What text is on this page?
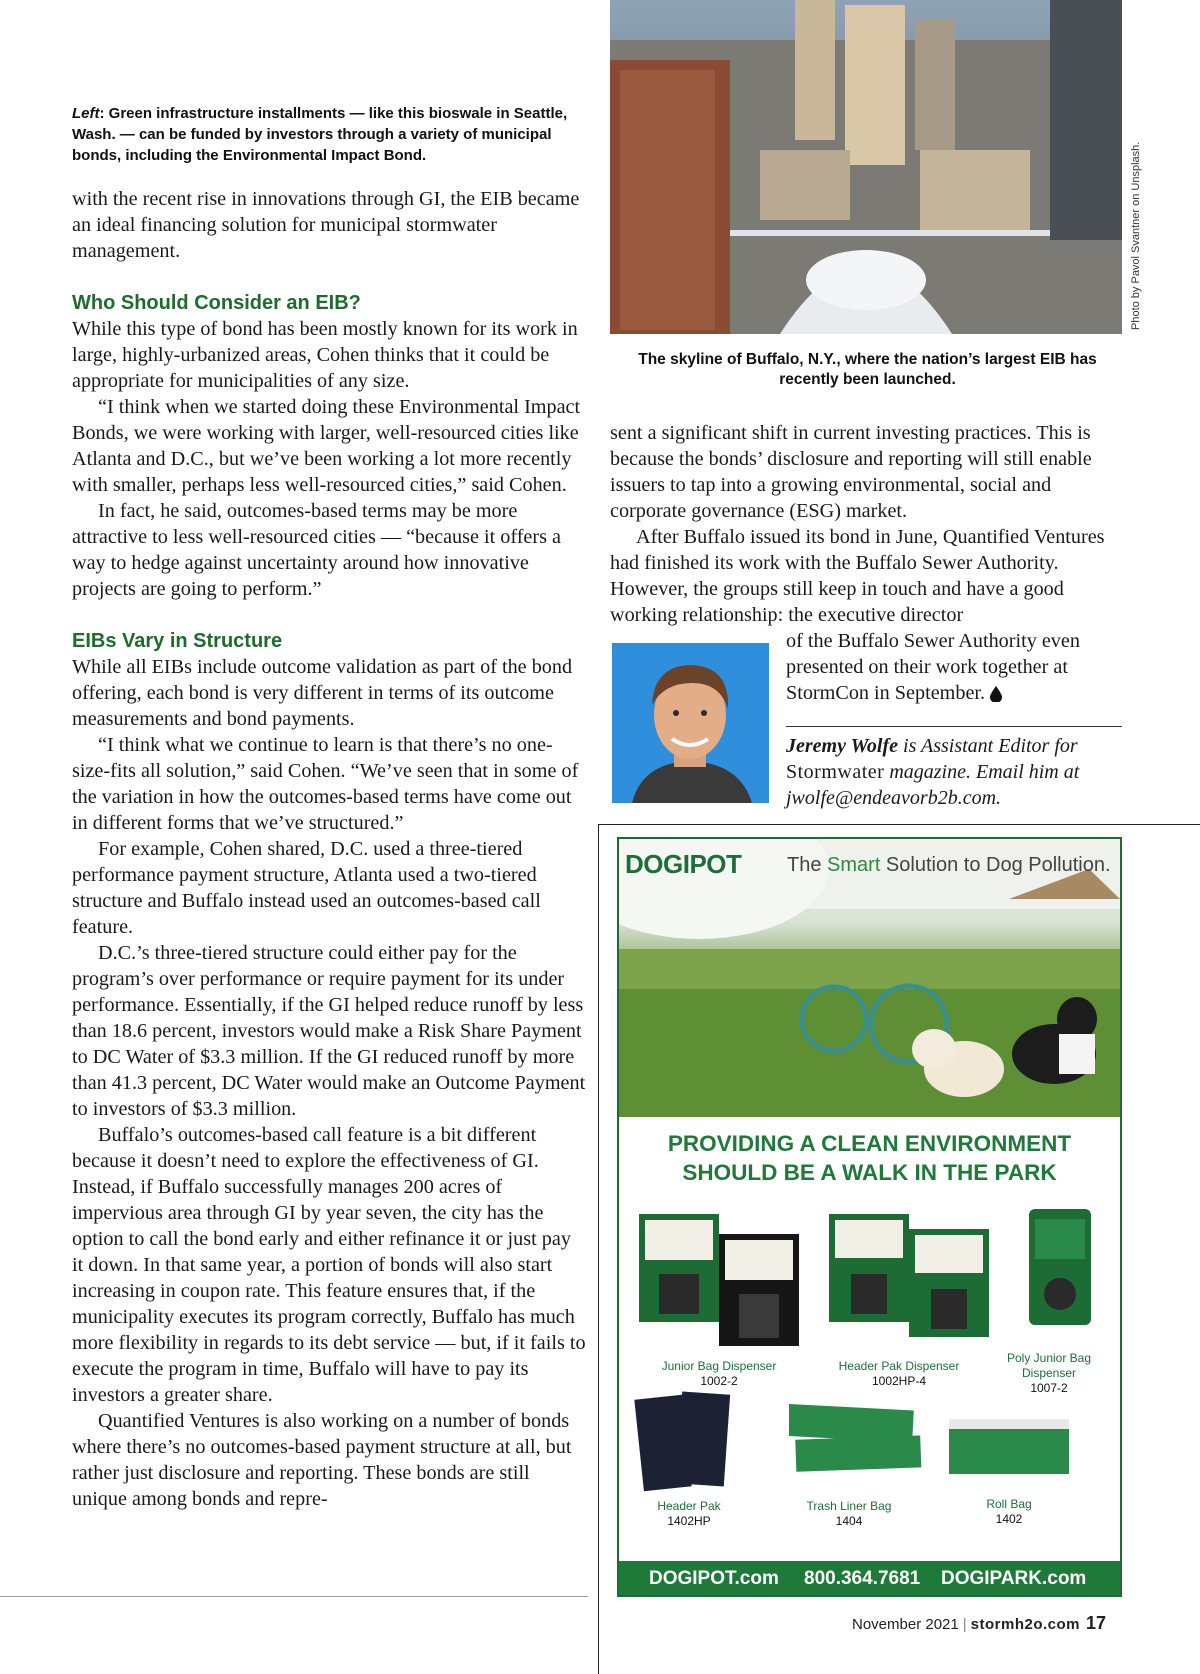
Left: Green infrastructure installments — like this bioswale in Seattle, Wash. — can be funded by investors through a variety of municipal bonds, including the Environmental Impact Bond.

with the recent rise in innovations through GI, the EIB became an ideal financing solution for municipal stormwater management.

Who Should Consider an EIB?

While this type of bond has been mostly known for its work in large, highly-urbanized areas, Cohen thinks that it could be appropriate for municipalities of any size.

“I think when we started doing these Environmental Impact Bonds, we were working with larger, well-resourced cities like Atlanta and D.C., but we’ve been working a lot more recently with smaller, perhaps less well-resourced cities,” said Cohen.

In fact, he said, outcomes-based terms may be more attractive to less well-resourced cities — “because it offers a way to hedge against uncertainty around how innovative projects are going to perform.”

EIBs Vary in Structure

While all EIBs include outcome validation as part of the bond offering, each bond is very different in terms of its outcome measurements and bond payments.

“I think what we continue to learn is that there’s no one-size-fits all solution,” said Cohen. “We’ve seen that in some of the variation in how the outcomes-based terms have come out in different forms that we’ve structured.”

For example, Cohen shared, D.C. used a three-tiered performance payment structure, Atlanta used a two-tiered structure and Buffalo instead used an outcomes-based call feature.

D.C.’s three-tiered structure could either pay for the program’s over performance or require payment for its under performance. Essentially, if the GI helped reduce runoff by less than 18.6 percent, investors would make a Risk Share Payment to DC Water of $3.3 million. If the GI reduced runoff by more than 41.3 percent, DC Water would make an Outcome Payment to investors of $3.3 million.

Buffalo’s outcomes-based call feature is a bit different because it doesn’t need to explore the effectiveness of GI. Instead, if Buffalo successfully manages 200 acres of impervious area through GI by year seven, the city has the option to call the bond early and either refinance it or just pay it down. In that same year, a portion of bonds will also start increasing in coupon rate. This feature ensures that, if the municipality executes its program correctly, Buffalo has much more flexibility in regards to its debt service — but, if it fails to execute the program in time, Buffalo will have to pay its investors a greater share.

Quantified Ventures is also working on a number of bonds where there’s no outcomes-based payment structure at all, but rather just disclosure and reporting. These bonds are still unique among bonds and repre-

Photo by Pavol Svantner on Unsplash.
The skyline of Buffalo, N.Y., where the nation’s largest EIB has recently been launched.

sent a significant shift in current investing practices. This is because the bonds’ disclosure and reporting will still enable issuers to tap into a growing environmental, social and corporate governance (ESG) market.

After Buffalo issued its bond in June, Quantified Ventures had finished its work with the Buffalo Sewer Authority. However, the groups still keep in touch and have a good working relationship: the executive director

of the Buffalo Sewer Authority even presented on their work together at StormCon in September.

Jeremy Wolfe is Assistant Editor for Stormwater magazine. Email him at jwolfe@endeavorb2b.com.
DOGIPOT The Smart Solution to Dog Pollution.
PROVIDING A CLEAN ENVIRONMENT
SHOULD BE A WALK IN THE PARK
Junior Bag Dispenser
1002-2
Header Pak Dispenser
1002HP-4
Poly Junior Bag Dispenser
1007-2
Header Pak
1402HP
Trash Liner Bag
1404
Roll Bag
1402
DOGIPOT.com 800.364.7681 DOGIPARK.com
November 2021 | stormh2o.com 17
